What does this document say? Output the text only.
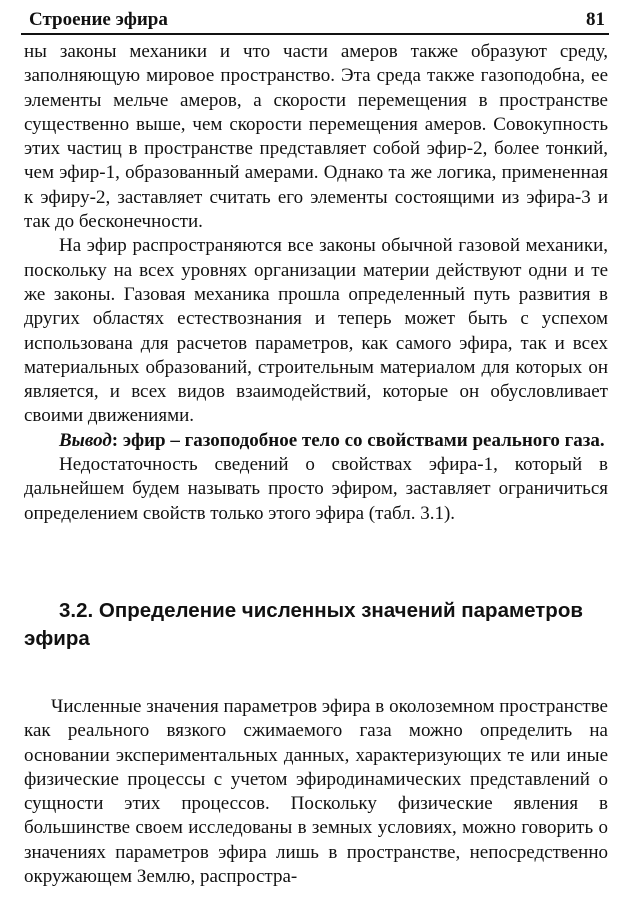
Строение эфира	81

ны законы механики и что части амеров также образуют среду, заполняющую мировое пространство. Эта среда также газоподобна, ее элементы мельче амеров, а скорости перемещения в пространстве существенно выше, чем скорости перемещения амеров. Совокупность этих частиц в пространстве представляет собой эфир-2, более тонкий, чем эфир-1, образованный амерами. Однако та же логика, примененная к эфиру-2, заставляет считать его элементы состоящими из эфира-3 и так до бесконечности.

На эфир распространяются все законы обычной газовой механики, поскольку на всех уровнях организации материи действуют одни и те же законы. Газовая механика прошла определенный путь развития в других областях естествознания и теперь может быть с успехом использована для расчетов параметров, как самого эфира, так и всех материальных образований, строительным материалом для которых он является, и всех видов взаимодействий, которые он обусловливает своими движениями.

Вывод: эфир – газоподобное тело со свойствами реального газа.

Недостаточность сведений о свойствах эфира-1, который в дальнейшем будем называть просто эфиром, заставляет ограничиться определением свойств только этого эфира (табл. 3.1).

3.2. Определение численных значений параметров эфира

Численные значения параметров эфира в околоземном пространстве как реального вязкого сжимаемого газа можно определить на основании экспериментальных данных, характеризующих те или иные физические процессы с учетом эфиродинамических представлений о сущности этих процессов. Поскольку физические явления в большинстве своем исследованы в земных условиях, можно говорить о значениях параметров эфира лишь в пространстве, непосредственно окружающем Землю, распростра-
